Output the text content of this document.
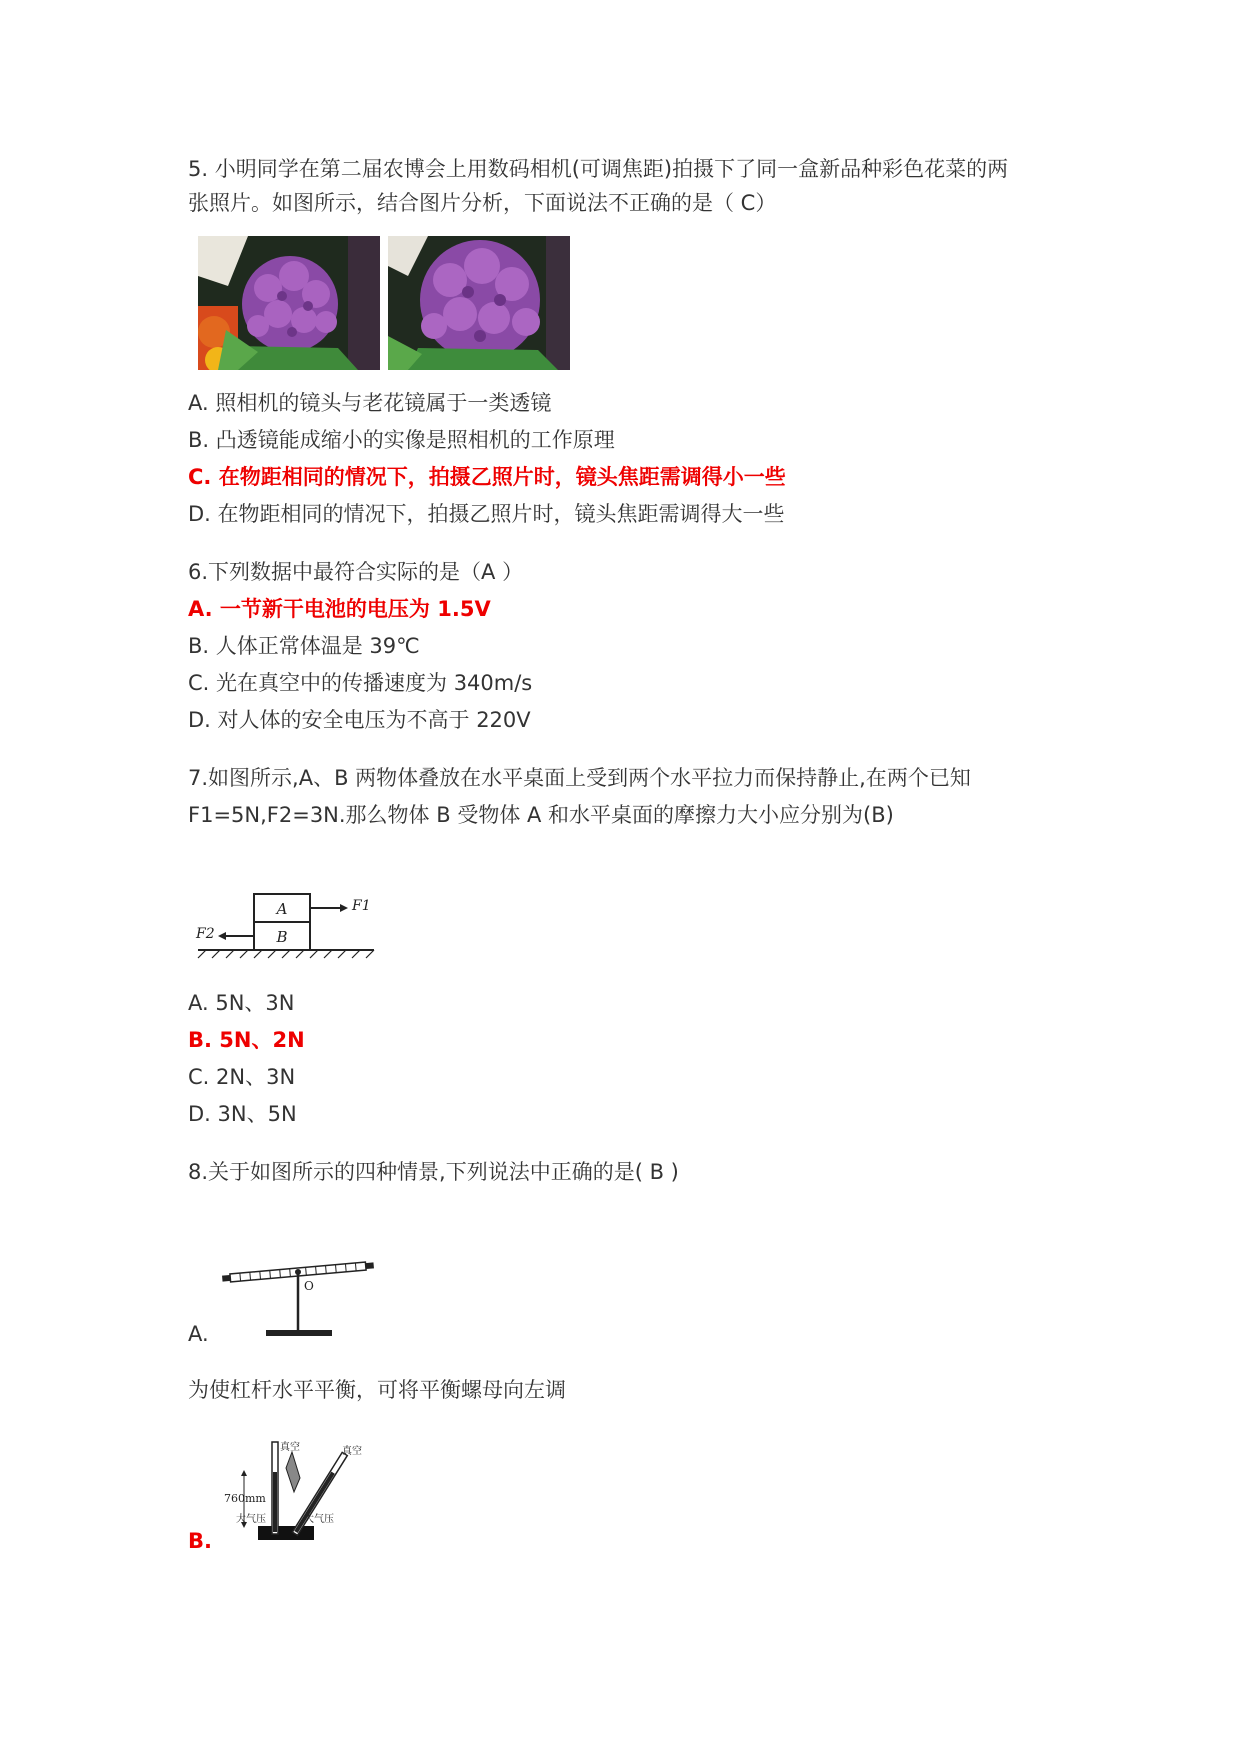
5. 小明同学在第二届农博会上用数码相机(可调焦距)拍摄下了同一盒新品种彩色花菜的两
张照片。如图所示，结合图片分析，下面说法不正确的是（ C）
A. 照相机的镜头与老花镜属于一类透镜
B. 凸透镜能成缩小的实像是照相机的工作原理
C. 在物距相同的情况下，拍摄乙照片时，镜头焦距需调得小一些
D. 在物距相同的情况下，拍摄乙照片时，镜头焦距需调得大一些
6.下列数据中最符合实际的是（A ）
A. 一节新干电池的电压为 1.5V
B. 人体正常体温是 39℃
C. 光在真空中的传播速度为 340m/s
D. 对人体的安全电压为不高于 220V
7.如图所示,A、B 两物体叠放在水平桌面上受到两个水平拉力而保持静止,在两个已知
F1=5N,F2=3N.那么物体 B 受物体 A 和水平桌面的摩擦力大小应分别为(B)
A
B
F1
F2
A. 5N、3N
B. 5N、2N
C. 2N、3N
D. 3N、5N
8.关于如图所示的四种情景,下列说法中正确的是( B )
O
A.
为使杠杆水平平衡，可将平衡螺母向左调
760mm
真空	真空
大气压	大气压
B.
